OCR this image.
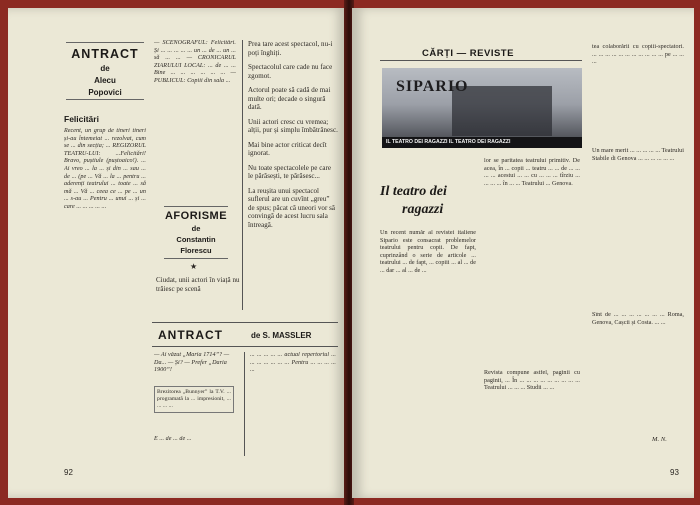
ANTRACT

de

Alecu

Popovici

Felicitări

Recent, un grup de tineri tineri și-au întemeiat ... rezolvat, cum se ... din secția; ... REGIZORUL TEATRU-LUI: ...Felicitări! Bravo, puștiule (puștoaico!). ... Ai vreo ... la ... și din ... sau ... de ... (pe ... Vă ... la ... pentru ... aderenți teatrului ... toate ... să mă ... Vă ... ceea ce ... pe ... un ... s-au ... Pentru ... unui ... și ... care ... ... ... ... ...

— SCENOGRAFUL: Felicitări. Și ... ... ... ... ... un ... de ... un ... să ... ... — CRONICARUL ZIARULUI LOCAL: ... de ... ... Bine ... ... ... ... ... ... — PUBLICUL: Copiii din sala ...

AFORISME

de

Constantin

Florescu

Ciudat, unii actori în viață nu trăiesc pe scenă

Prea tare acest spectacol, nu-i poți înghiți.

Spectacolul care cade nu face zgomot.

Actorul poate să cadă de mai multe ori; decade o singură dată.

Unii actori cresc cu vremea; alții, pur și simplu îmbătrânesc.

Mai bine actor criticat decît ignorat.

Nu toate spectacolele pe care le părăsești, te părăsesc...

La reușita unui spectacol suflerul are un cuvînt „greu” de spus; păcat că uneori vor să convingă de acest lucru sala întreagă.

★

ANTRACT	de S. MASSLER

— Ai văzut „Maria 1714”? — Da... — Și? — Prefer „Daria 1900”!

Brezitorea „Bunnyer” la T.V. ... programată la ... impresionit, ... ... ... ...

E ... de ... de ...

... ... ... ... ... actual repertoriul ... ... ... ... ... ... ... Pentru ... ... ... ... ...

92

CĂRȚI — REVISTE

SIPARIO
IL TEATRO DEI RAGAZZI IL TEATRO DEI RAGAZZI

Il teatro dei

ragazzi

Un recent număr al revistei italiene Sipario este consacrat problemelor teatrului pentru copii. De fapt, cuprinzând o serie de articole ... teatrului ... de fapt, ... copiii ... al ... de ... dar ... al ... de ...

lor se paritatea teatrului primitiv. De acea, în ... copii ... teatru ... ... de ... ... ... ... acestui ... ... cu ... ... ... tîrziu ... ... ... ... în ... ... Teatrului ... Genova.

Revista compune astfel, paginii cu paginii, ... În ... ... ... ... ... ... ... ... ... Teatrului ... ... ... Studii ... ...

tea colaborării cu copiii-spectatori. ... ... ... ... ... ... ... ... ... ... ... pe ... ... ...

Un mare merit ... ... ... ... ... Teatrului Stabile di Genova ... ... ... ... ... ...

Sînt de ... ... ... ... ... ... ... Roma, Genova, Cașcii și Costa. ... ...

M. N.

93
